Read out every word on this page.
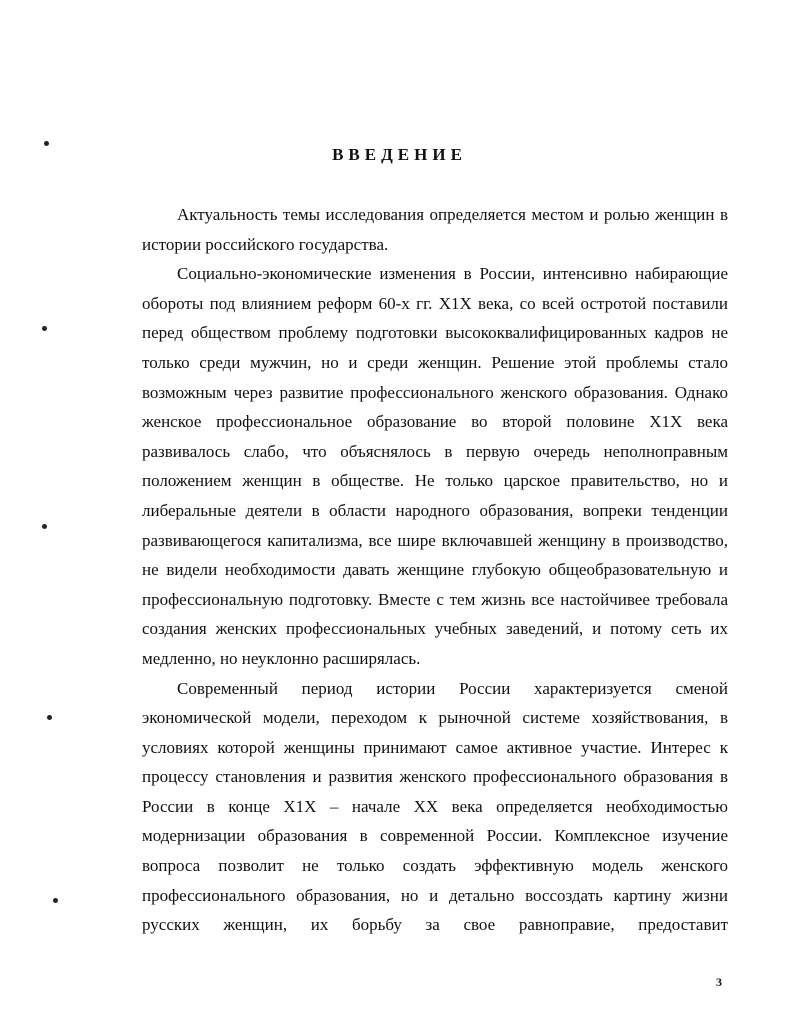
ВВЕДЕНИЕ

Актуальность темы исследования определяется местом и ролью женщин в истории российского государства.

Социально-экономические изменения в России, интенсивно набирающие обороты под влиянием реформ 60-х гг. Х1Х века, со всей остротой поставили перед обществом проблему подготовки высококвалифицированных кадров не только среди мужчин, но и среди женщин. Решение этой проблемы стало возможным через развитие профессионального женского образования. Однако женское профессиональное образование во второй половине Х1Х века развивалось слабо, что объяснялось в первую очередь неполноправным положением женщин в обществе. Не только царское правительство, но и либеральные деятели в области народного образования, вопреки тенденции развивающегося капитализма, все шире включавшей женщину в производство, не видели необходимости давать женщине глубокую общеобразовательную и профессиональную подготовку. Вместе с тем жизнь все настойчивее требовала создания женских профессиональных учебных заведений, и потому сеть их медленно, но неуклонно расширялась.

Современный период истории России характеризуется сменой экономической модели, переходом к рыночной системе хозяйствования, в условиях которой женщины принимают самое активное участие. Интерес к процессу становления и развития женского профессионального образования в России в конце Х1Х – начале ХХ века определяется необходимостью модернизации образования в современной России. Комплексное изучение вопроса позволит не только создать эффективную модель женского профессионального образования, но и детально воссоздать картину жизни русских женщин, их борьбу за свое равноправие, предоставит

3
